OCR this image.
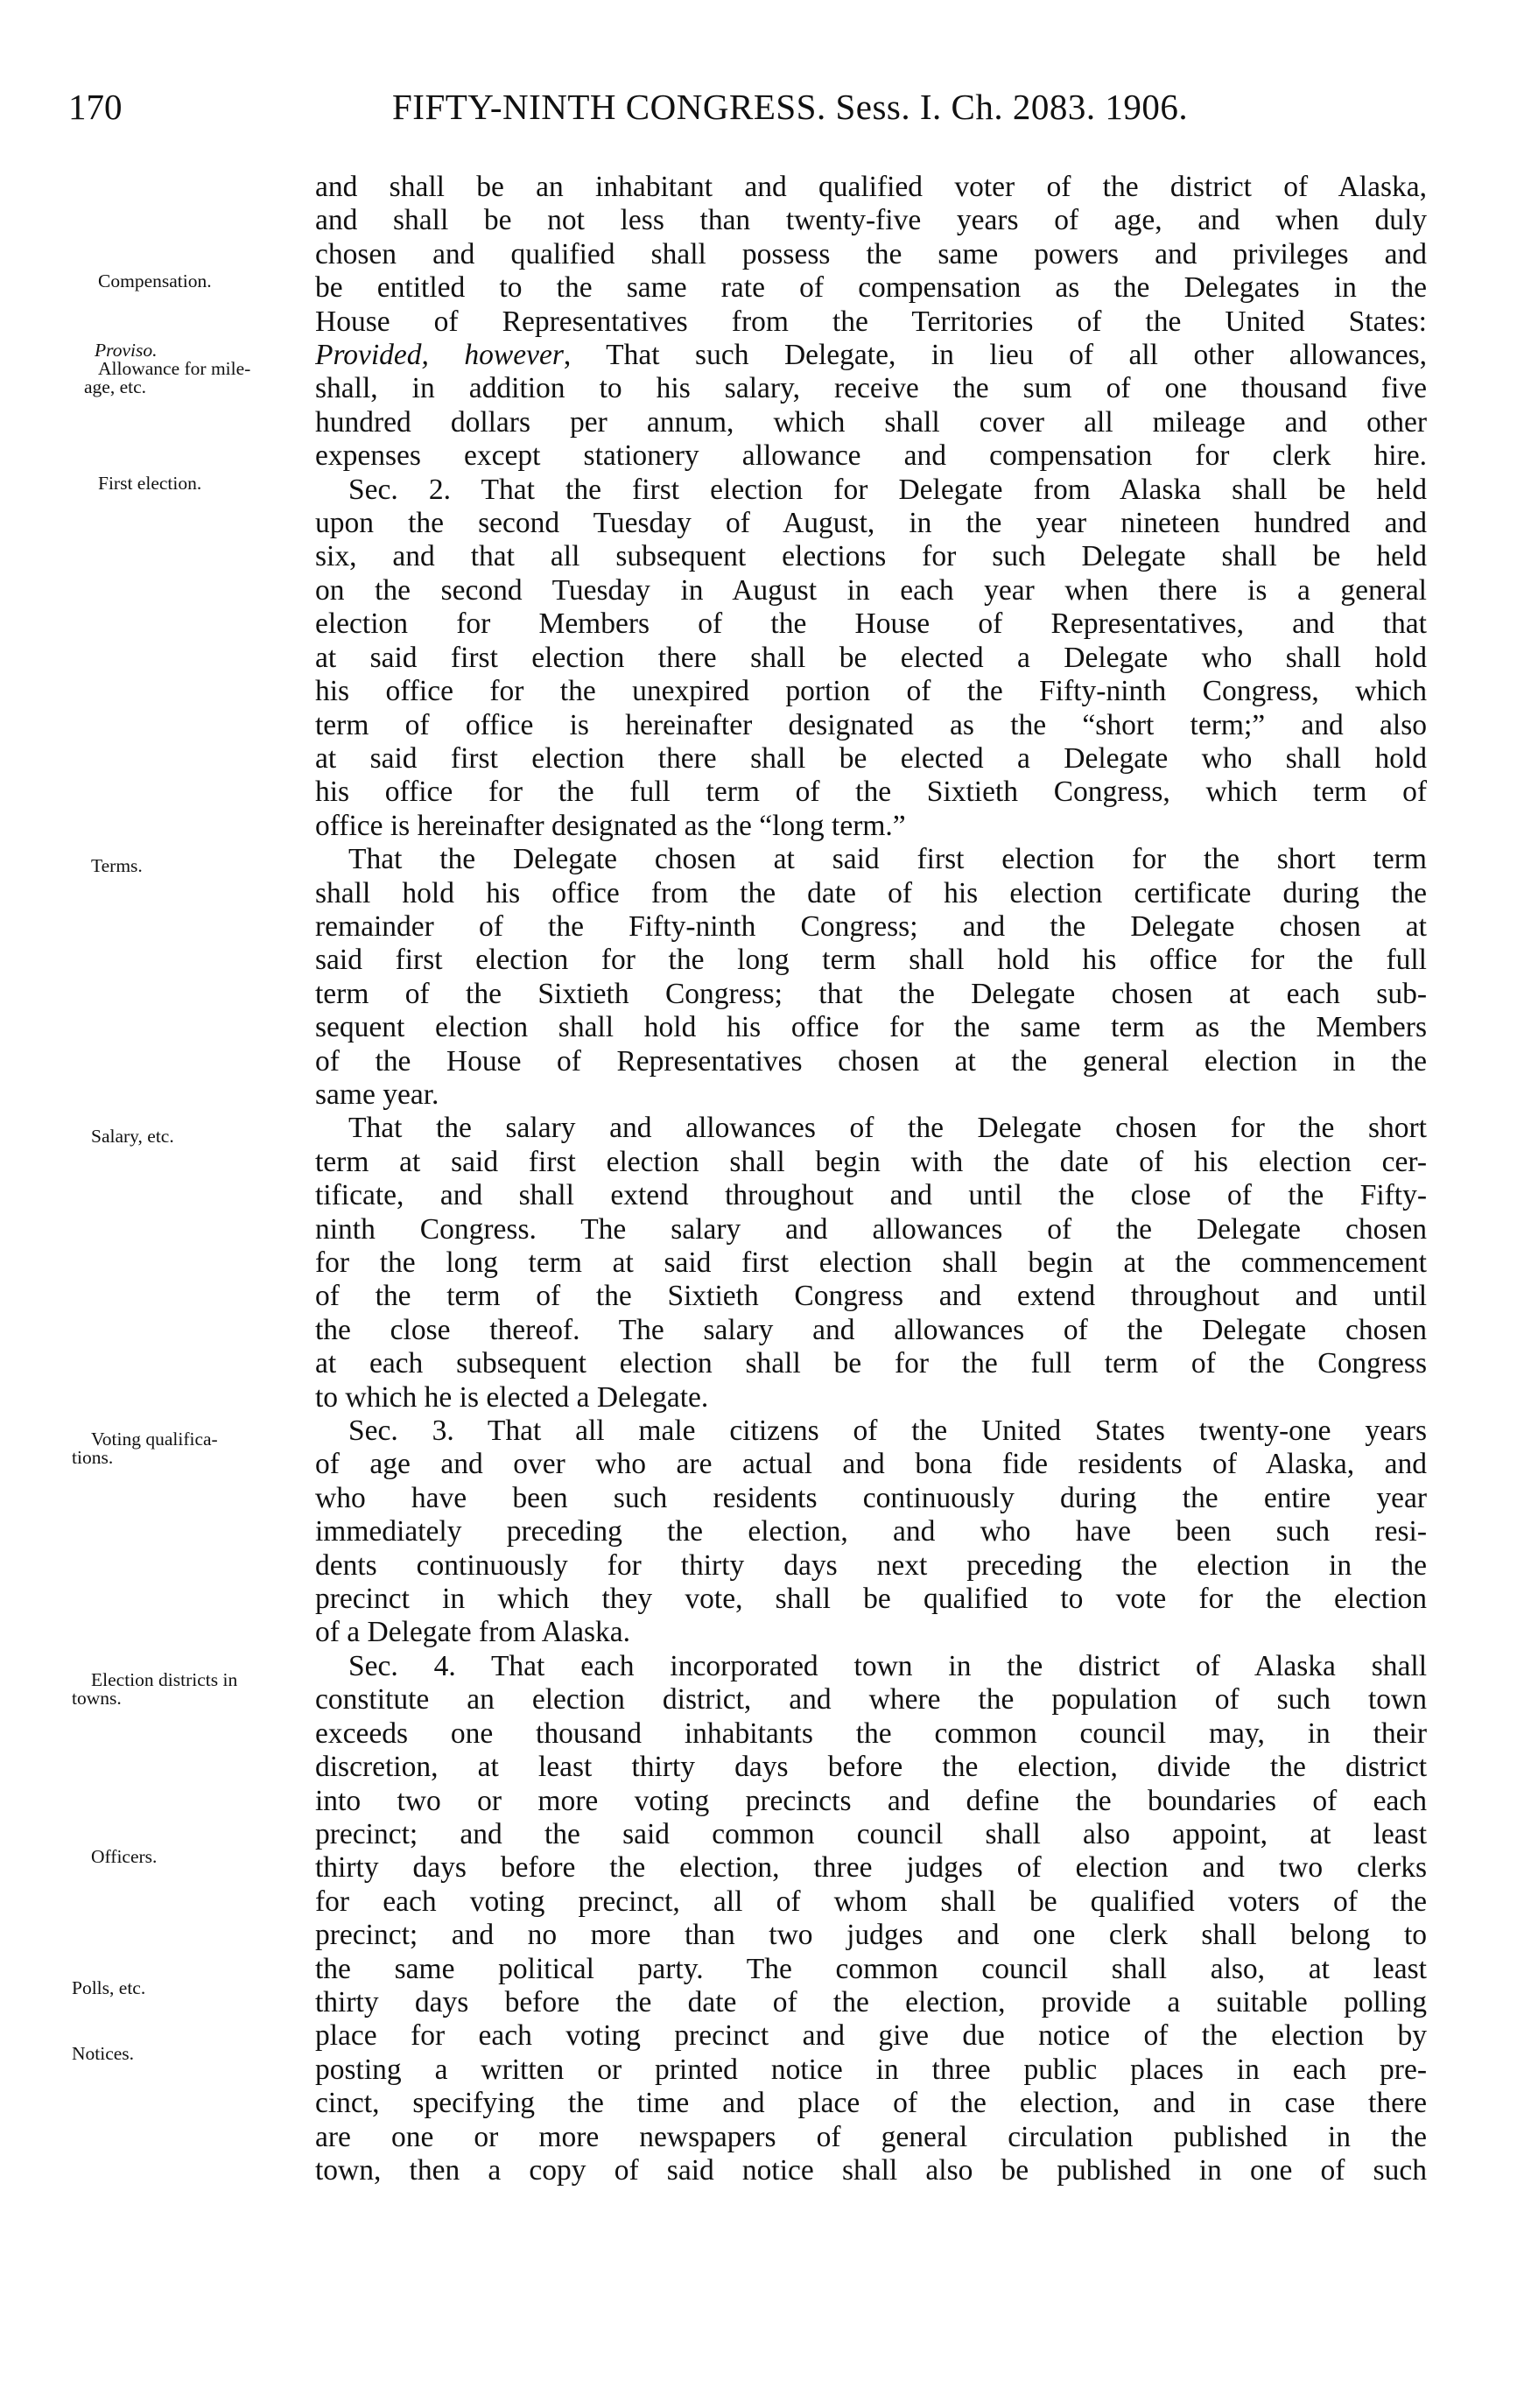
170	FIFTY-NINTH CONGRESS. Sess. I. Ch. 2083. 1906.
Compensation.
Proviso.
Allowance for mile-
age, etc.
First election.
Terms.
Salary, etc.
Voting qualifica-
tions.
Election districts in
towns.
Officers.
Polls, etc.
Notices.
and shall be an inhabitant and qualified voter of the district of Alaska,
and shall be not less than twenty-five years of age, and when duly
chosen and qualified shall possess the same powers and privileges and
be entitled to the same rate of compensation as the Delegates in the
House of Representatives from the Territories of the United States:
Provided, however, That such Delegate, in lieu of all other allowances,
shall, in addition to his salary, receive the sum of one thousand five
hundred dollars per annum, which shall cover all mileage and other
expenses except stationery allowance and compensation for clerk hire.
Sec. 2. That the first election for Delegate from Alaska shall be held
upon the second Tuesday of August, in the year nineteen hundred and
six, and that all subsequent elections for such Delegate shall be held
on the second Tuesday in August in each year when there is a general
election for Members of the House of Representatives, and that
at said first election there shall be elected a Delegate who shall hold
his office for the unexpired portion of the Fifty-ninth Congress, which
term of office is hereinafter designated as the “short term;” and also
at said first election there shall be elected a Delegate who shall hold
his office for the full term of the Sixtieth Congress, which term of
office is hereinafter designated as the “long term.”
That the Delegate chosen at said first election for the short term
shall hold his office from the date of his election certificate during the
remainder of the Fifty-ninth Congress; and the Delegate chosen at
said first election for the long term shall hold his office for the full
term of the Sixtieth Congress; that the Delegate chosen at each sub-
sequent election shall hold his office for the same term as the Members
of the House of Representatives chosen at the general election in the
same year.
That the salary and allowances of the Delegate chosen for the short
term at said first election shall begin with the date of his election cer-
tificate, and shall extend throughout and until the close of the Fifty-
ninth Congress. The salary and allowances of the Delegate chosen
for the long term at said first election shall begin at the commencement
of the term of the Sixtieth Congress and extend throughout and until
the close thereof. The salary and allowances of the Delegate chosen
at each subsequent election shall be for the full term of the Congress
to which he is elected a Delegate.
Sec. 3. That all male citizens of the United States twenty-one years
of age and over who are actual and bona fide residents of Alaska, and
who have been such residents continuously during the entire year
immediately preceding the election, and who have been such resi-
dents continuously for thirty days next preceding the election in the
precinct in which they vote, shall be qualified to vote for the election
of a Delegate from Alaska.
Sec. 4. That each incorporated town in the district of Alaska shall
constitute an election district, and where the population of such town
exceeds one thousand inhabitants the common council may, in their
discretion, at least thirty days before the election, divide the district
into two or more voting precincts and define the boundaries of each
precinct; and the said common council shall also appoint, at least
thirty days before the election, three judges of election and two clerks
for each voting precinct, all of whom shall be qualified voters of the
precinct; and no more than two judges and one clerk shall belong to
the same political party. The common council shall also, at least
thirty days before the date of the election, provide a suitable polling
place for each voting precinct and give due notice of the election by
posting a written or printed notice in three public places in each pre-
cinct, specifying the time and place of the election, and in case there
are one or more newspapers of general circulation published in the
town, then a copy of said notice shall also be published in one of such
